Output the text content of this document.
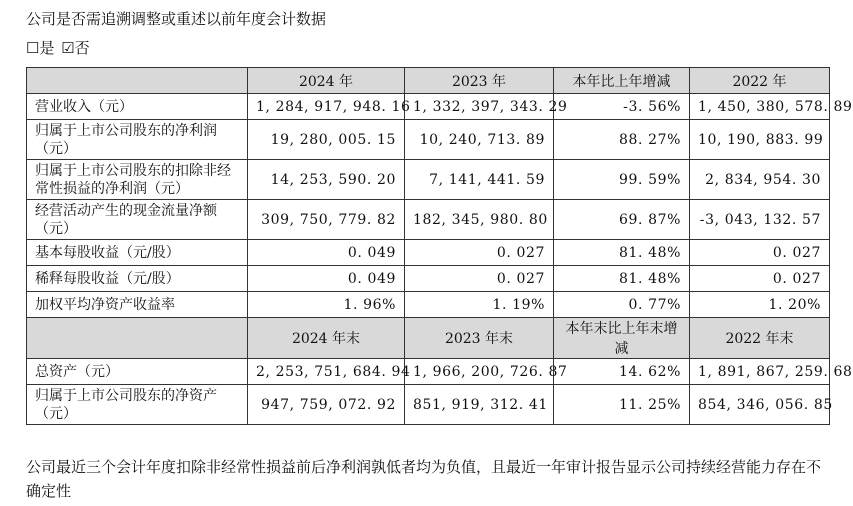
公司是否需追溯调整或重述以前年度会计数据
☐是 ☑否
	2024 年	2023 年	本年比上年增减	2022 年
营业收入（元）	1, 284, 917, 948. 16	1, 332, 397, 343. 29	-3. 56%	1, 450, 380, 578. 89
归属于上市公司股东的净利润（元）	19, 280, 005. 15	10, 240, 713. 89	88. 27%	10, 190, 883. 99
归属于上市公司股东的扣除非经常性损益的净利润（元）	14, 253, 590. 20	7, 141, 441. 59	99. 59%	2, 834, 954. 30
经营活动产生的现金流量净额（元）	309, 750, 779. 82	182, 345, 980. 80	69. 87%	-3, 043, 132. 57
基本每股收益（元/股）	0. 049	0. 027	81. 48%	0. 027
稀释每股收益（元/股）	0. 049	0. 027	81. 48%	0. 027
加权平均净资产收益率	1. 96%	1. 19%	0. 77%	1. 20%
	2024 年末	2023 年末	本年末比上年末增减	2022 年末
总资产（元）	2, 253, 751, 684. 94	1, 966, 200, 726. 87	14. 62%	1, 891, 867, 259. 68
归属于上市公司股东的净资产（元）	947, 759, 072. 92	851, 919, 312. 41	11. 25%	854, 346, 056. 85
公司最近三个会计年度扣除非经常性损益前后净利润孰低者均为负值，且最近一年审计报告显示公司持续经营能力存在不确定性
